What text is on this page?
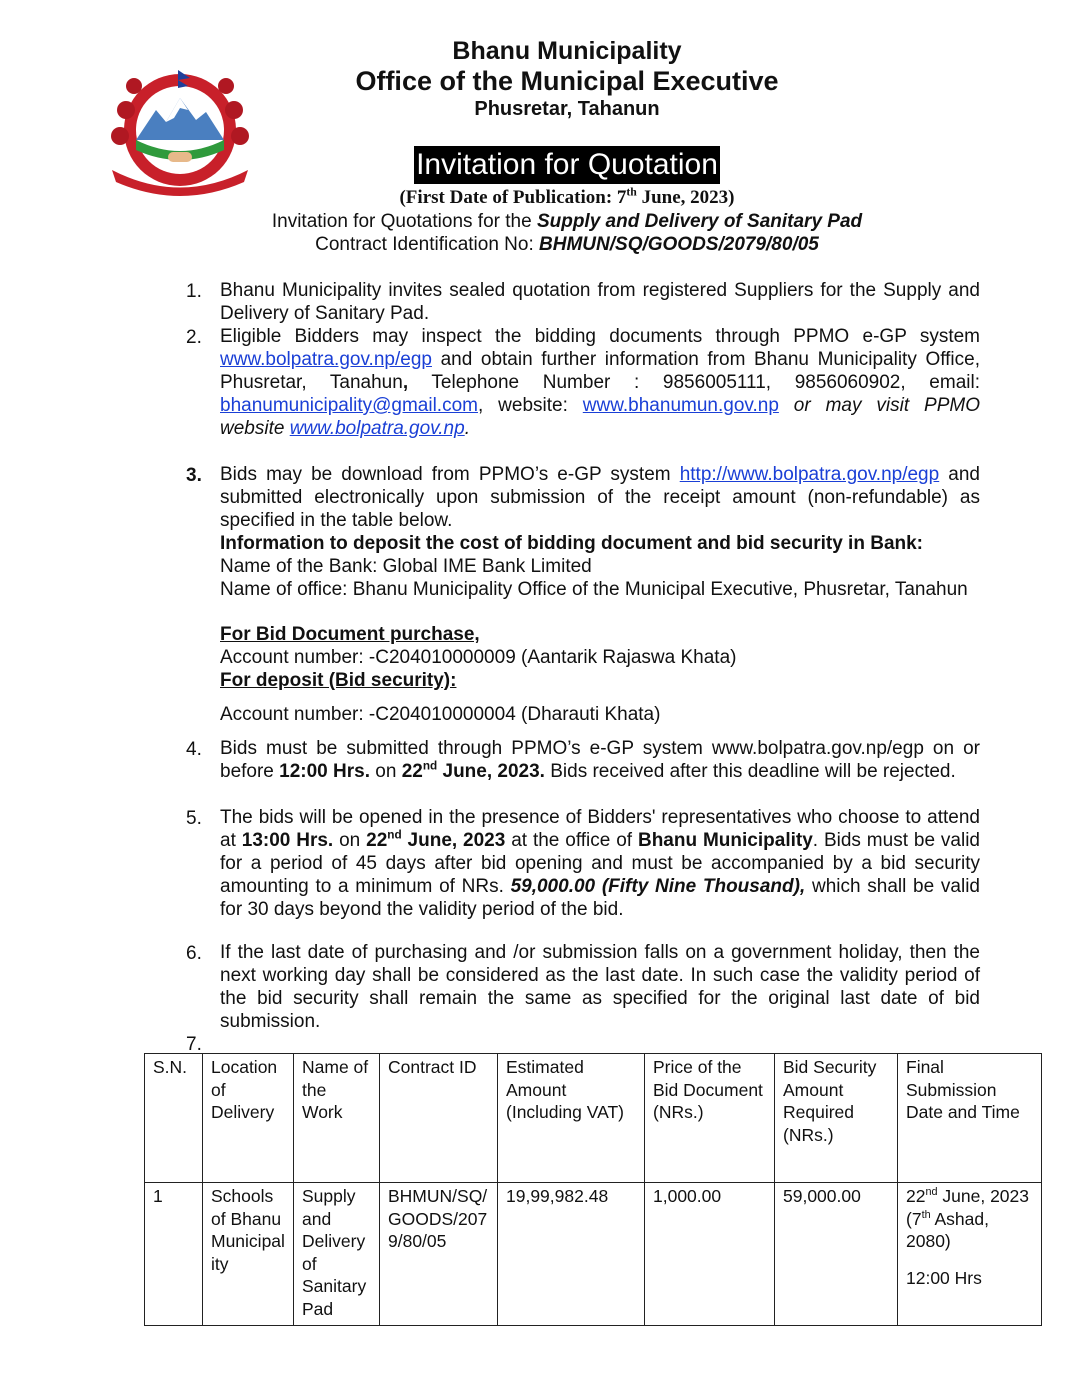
Bhanu Municipality
Office of the Municipal Executive
Phusretar, Tahanun
Invitation for Quotation
(First Date of Publication: 7th June, 2023)
Invitation for Quotations for the Supply and Delivery of Sanitary Pad
Contract Identification No: BHMUN/SQ/GOODS/2079/80/05
1. Bhanu Municipality invites sealed quotation from registered Suppliers for the Supply and Delivery of Sanitary Pad.
2. Eligible Bidders may inspect the bidding documents through PPMO e-GP system www.bolpatra.gov.np/egp and obtain further information from Bhanu Municipality Office, Phusretar, Tanahun, Telephone Number : 9856005111, 9856060902, email: bhanumunicipality@gmail.com, website: www.bhanumun.gov.np or may visit PPMO website www.bolpatra.gov.np.
3. Bids may be download from PPMO’s e-GP system http://www.bolpatra.gov.np/egp and submitted electronically upon submission of the receipt amount (non-refundable) as specified in the table below.
Information to deposit the cost of bidding document and bid security in Bank:
Name of the Bank: Global IME Bank Limited
Name of office: Bhanu Municipality Office of the Municipal Executive, Phusretar, Tanahun
For Bid Document purchase,
Account number: -C204010000009 (Aantarik Rajaswa Khata)
For deposit (Bid security):
Account number: -C204010000004 (Dharauti Khata)
4. Bids must be submitted through PPMO’s e-GP system www.bolpatra.gov.np/egp on or before 12:00 Hrs. on 22nd June, 2023. Bids received after this deadline will be rejected.
5. The bids will be opened in the presence of Bidders' representatives who choose to attend at 13:00 Hrs. on 22nd June, 2023 at the office of Bhanu Municipality. Bids must be valid for a period of 45 days after bid opening and must be accompanied by a bid security amounting to a minimum of NRs. 59,000.00 (Fifty Nine Thousand), which shall be valid for 30 days beyond the validity period of the bid.
6. If the last date of purchasing and /or submission falls on a government holiday, then the next working day shall be considered as the last date. In such case the validity period of the bid security shall remain the same as specified for the original last date of bid submission.
7.
S.N.	Location of Delivery	Name of the Work	Contract ID	Estimated Amount (Including VAT)	Price of the Bid Document (NRs.)	Bid Security Amount Required (NRs.)	Final Submission Date and Time
1	Schools of Bhanu Municipality	Supply and Delivery of Sanitary Pad	BHMUN/SQ/GOODS/2079/80/05	19,99,982.48	1,000.00	59,000.00	22nd June, 2023 (7th Ashad, 2080)
12:00 Hrs
